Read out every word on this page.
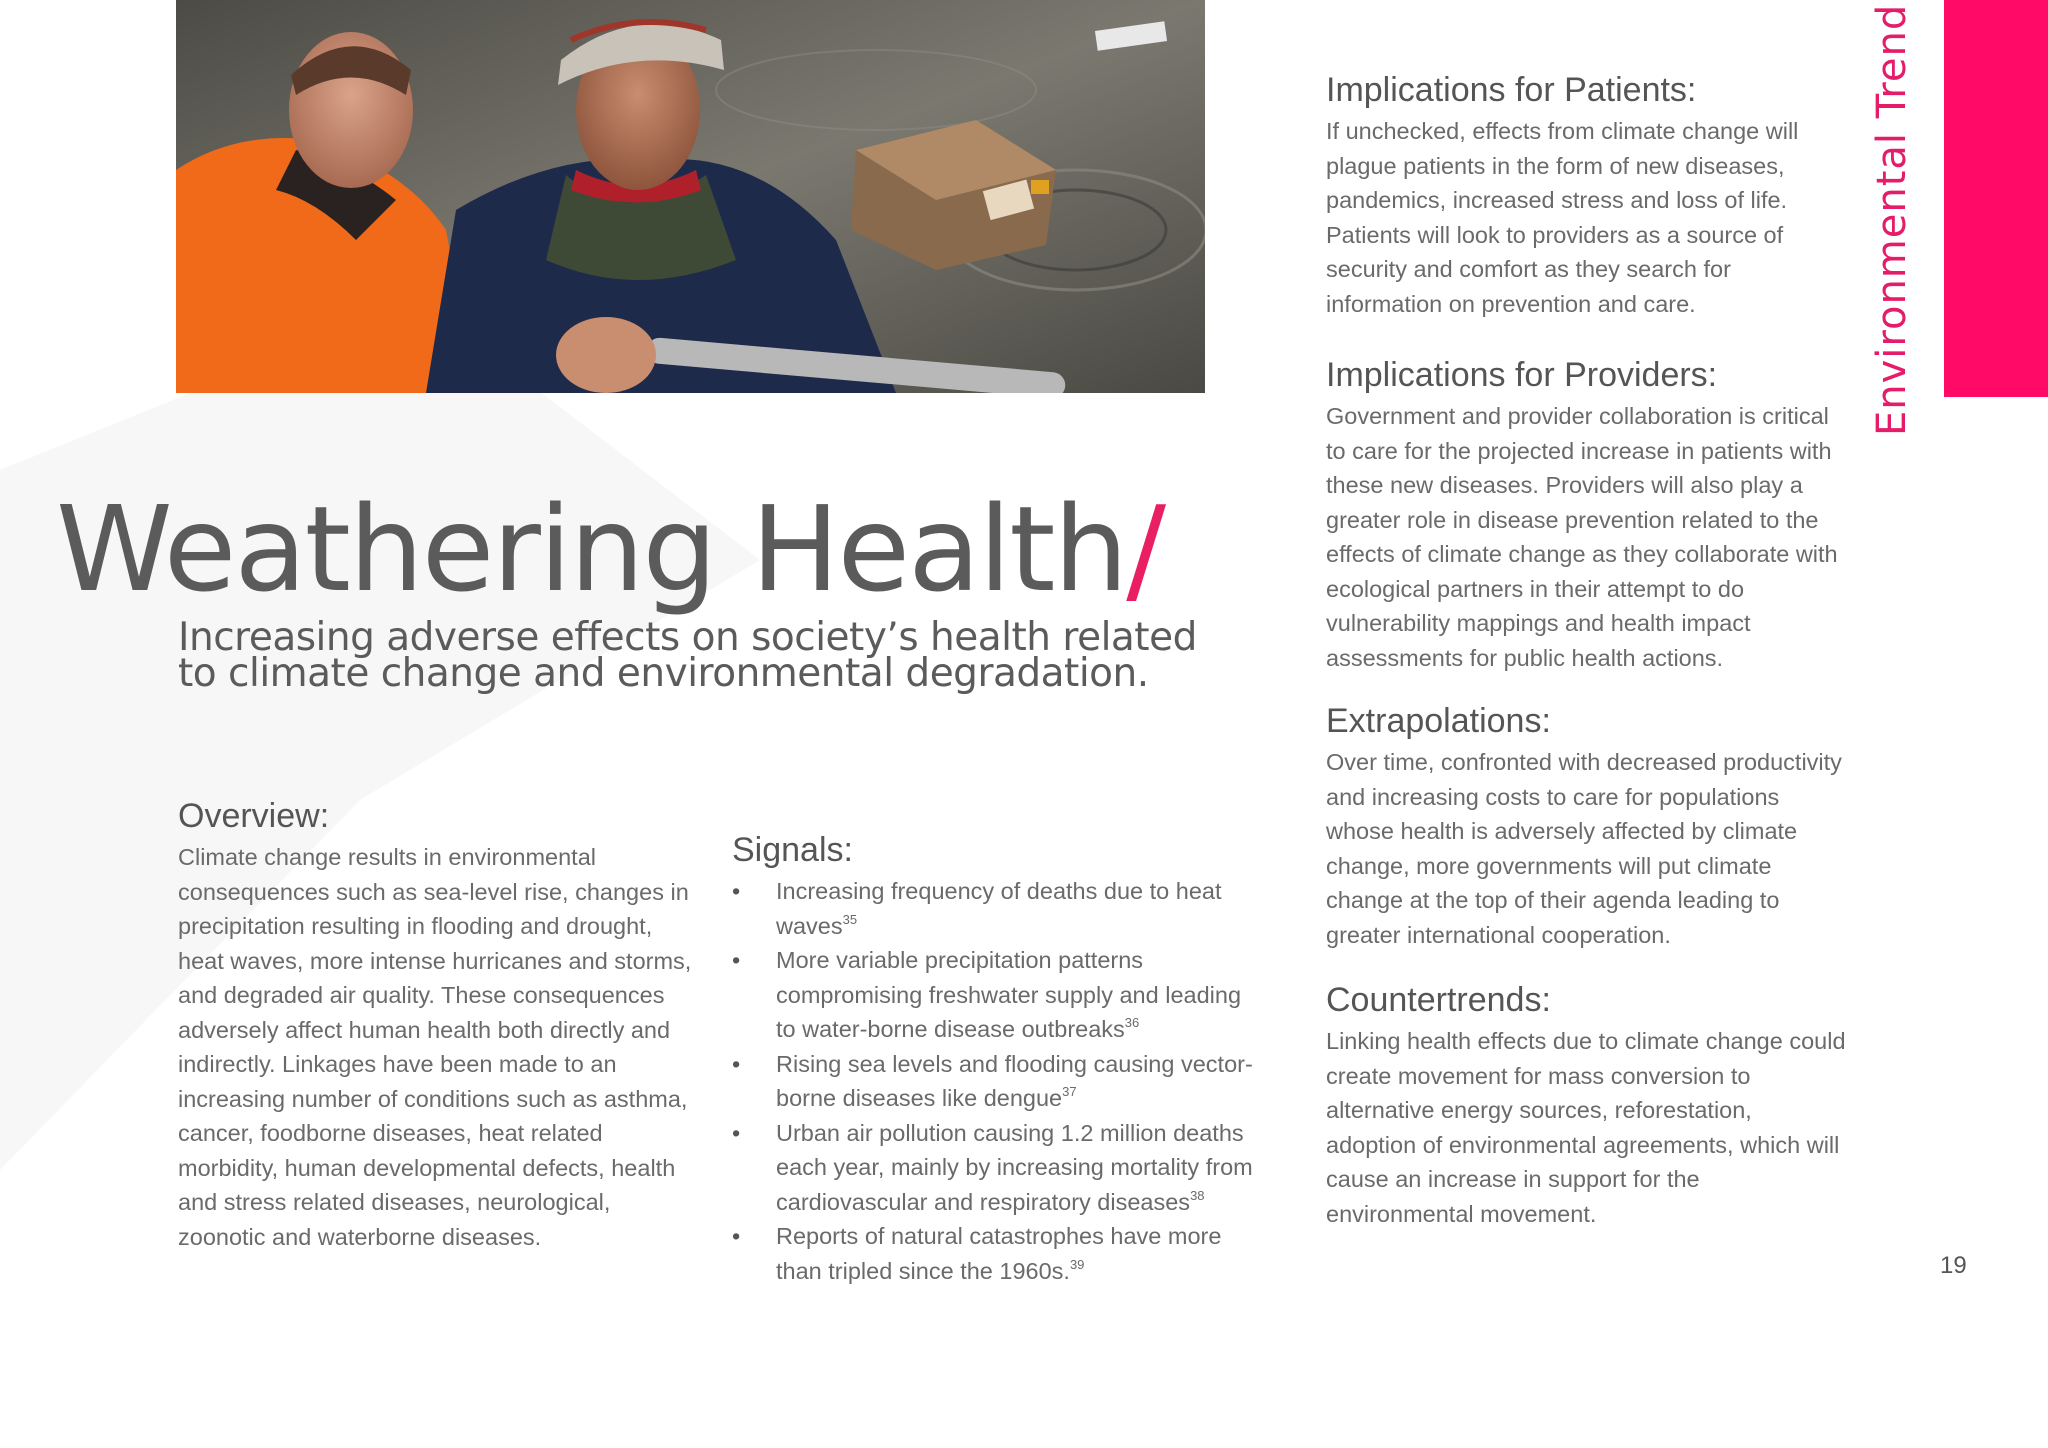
Weathering Health/
Increasing adverse effects on society’s health related to climate change and environmental degradation.
Overview:

Climate change results in environmental consequences such as sea-level rise, changes in precipitation resulting in flooding and drought, heat waves, more intense hurricanes and storms, and degraded air quality. These consequences adversely affect human health both directly and indirectly. Linkages have been made to an increasing number of conditions such as asthma, cancer, foodborne diseases, heat related morbidity, human developmental defects, health and stress related diseases, neurological, zoonotic and waterborne diseases.

Signals:
• Increasing frequency of deaths due to heat waves$^{35}$
• More variable precipitation patterns compromising freshwater supply and leading to water-borne disease outbreaks$^{36}$
• Rising sea levels and flooding causing vector-borne diseases like dengue$^{37}$
• Urban air pollution causing 1.2 million deaths each year, mainly by increasing mortality from cardiovascular and respiratory diseases$^{38}$
• Reports of natural catastrophes have more than tripled since the 1960s.$^{39}$
Implications for Patients:

If unchecked, effects from climate change will plague patients in the form of new diseases, pandemics, increased stress and loss of life. Patients will look to providers as a source of security and comfort as they search for information on prevention and care.

Implications for Providers:

Government and provider collaboration is critical to care for the projected increase in patients with these new diseases. Providers will also play a greater role in disease prevention related to the effects of climate change as they collaborate with ecological partners in their attempt to do vulnerability mappings and health impact assessments for public health actions.

Extrapolations:

Over time, confronted with decreased productivity and increasing costs to care for populations whose health is adversely affected by climate change, more governments will put climate change at the top of their agenda leading to greater international cooperation.

Countertrends:

Linking health effects due to climate change could create movement for mass conversion to alternative energy sources, reforestation, adoption of environmental agreements, which will cause an increase in support for the environmental movement.

Environmental Trend
19
